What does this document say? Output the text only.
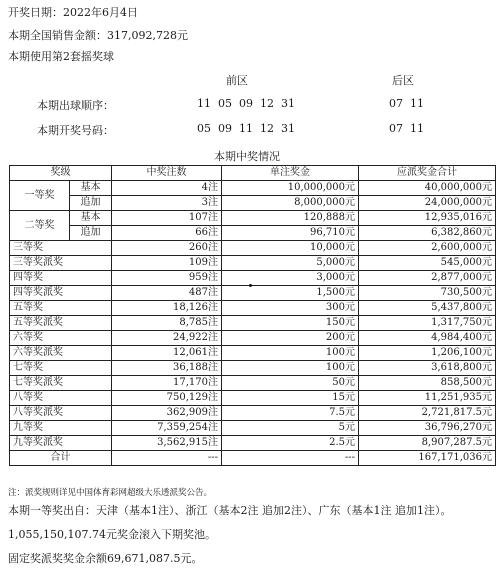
开奖日期：2022年6月4日
本期全国销售金额：317,092,728元
本期使用第2套摇奖球
前区	后区
本期出球顺序：	11  05  09  12  31	07  11
本期开奖号码：	05  09  11  12  31	07  11
本期中奖情况
奖级		中奖注数	单注奖金	应派奖金合计
一等奖	基本	4注	10,000,000元	40,000,000元
	追加	3注	8,000,000元	24,000,000元
二等奖	基本	107注	120,888元	12,935,016元
	追加	66注	96,710元	6,382,860元
三等奖		260注	10,000元	2,600,000元
三等奖派奖		109注	5,000元	545,000元
四等奖		959注	3,000元	2,877,000元
四等奖派奖		487注	1,500元	730,500元
五等奖		18,126注	300元	5,437,800元
五等奖派奖		8,785注	150元	1,317,750元
六等奖		24,922注	200元	4,984,400元
六等奖派奖		12,061注	100元	1,206,100元
七等奖		36,188注	100元	3,618,800元
七等奖派奖		17,170注	50元	858,500元
八等奖		750,129注	15元	11,251,935元
八等奖派奖		362,909注	7.5元	2,721,817.5元
九等奖		7,359,254注	5元	36,796,270元
九等奖派奖		3,562,915注	2.5元	8,907,287.5元
合计		---	---	167,171,036元
注：派奖规则详见中国体育彩网超级大乐透派奖公告。
本期一等奖出自：天津（基本1注）、浙江（基本2注 追加2注）、广东（基本1注 追加1注）。
1,055,150,107.74元奖金滚入下期奖池。
固定奖派奖奖金余额69,671,087.5元。
